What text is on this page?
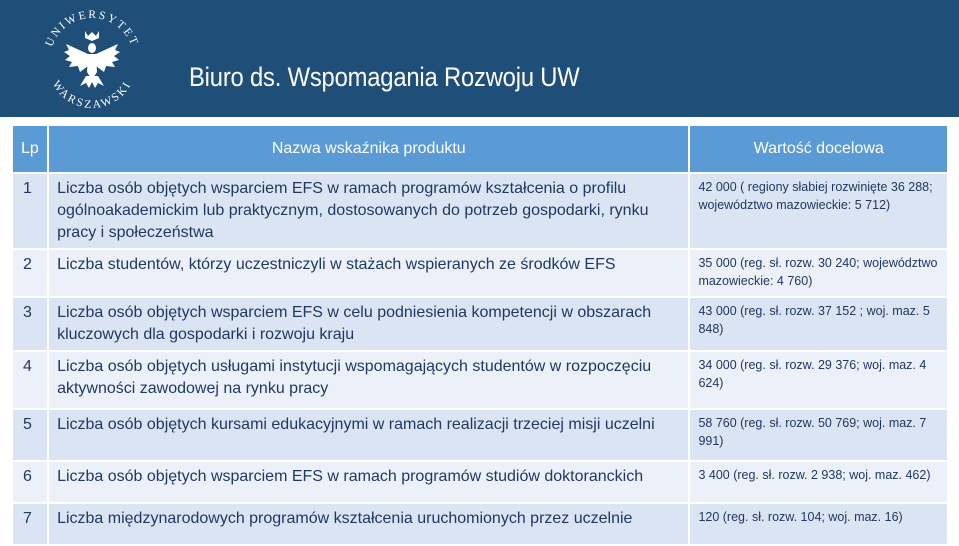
UNIWERSYTET
WARSZAWSKI Biuro ds. Wspomagania Rozwoju UW
Lp	Nazwa wskaźnika produktu	Wartość docelowa
1	Liczba osób objętych wsparciem EFS w ramach programów kształcenia o profilu ogólnoakademickim lub praktycznym, dostosowanych do potrzeb gospodarki, rynku pracy i społeczeństwa	42 000 ( regiony słabiej rozwinięte 36 288; województwo mazowieckie: 5 712)
2	Liczba studentów, którzy uczestniczyli w stażach wspieranych ze środków EFS	35 000 (reg. sł. rozw. 30 240; województwo mazowieckie: 4 760)
3	Liczba osób objętych wsparciem EFS w celu podniesienia kompetencji w obszarach kluczowych dla gospodarki i rozwoju kraju	43 000 (reg. sł. rozw. 37 152 ; woj. maz. 5 848)
4	Liczba osób objętych usługami instytucji wspomagających studentów w rozpoczęciu aktywności zawodowej na rynku pracy	34 000 (reg. sł. rozw. 29 376; woj. maz. 4 624)
5	Liczba osób objętych kursami edukacyjnymi w ramach realizacji trzeciej misji uczelni	58 760 (reg. sł. rozw. 50 769; woj. maz. 7 991)
6	Liczba osób objętych wsparciem EFS w ramach programów studiów doktoranckich	3 400 (reg. sł. rozw. 2 938; woj. maz. 462)
7	Liczba międzynarodowych programów kształcenia uruchomionych przez uczelnie	120 (reg. sł. rozw. 104; woj. maz. 16)
